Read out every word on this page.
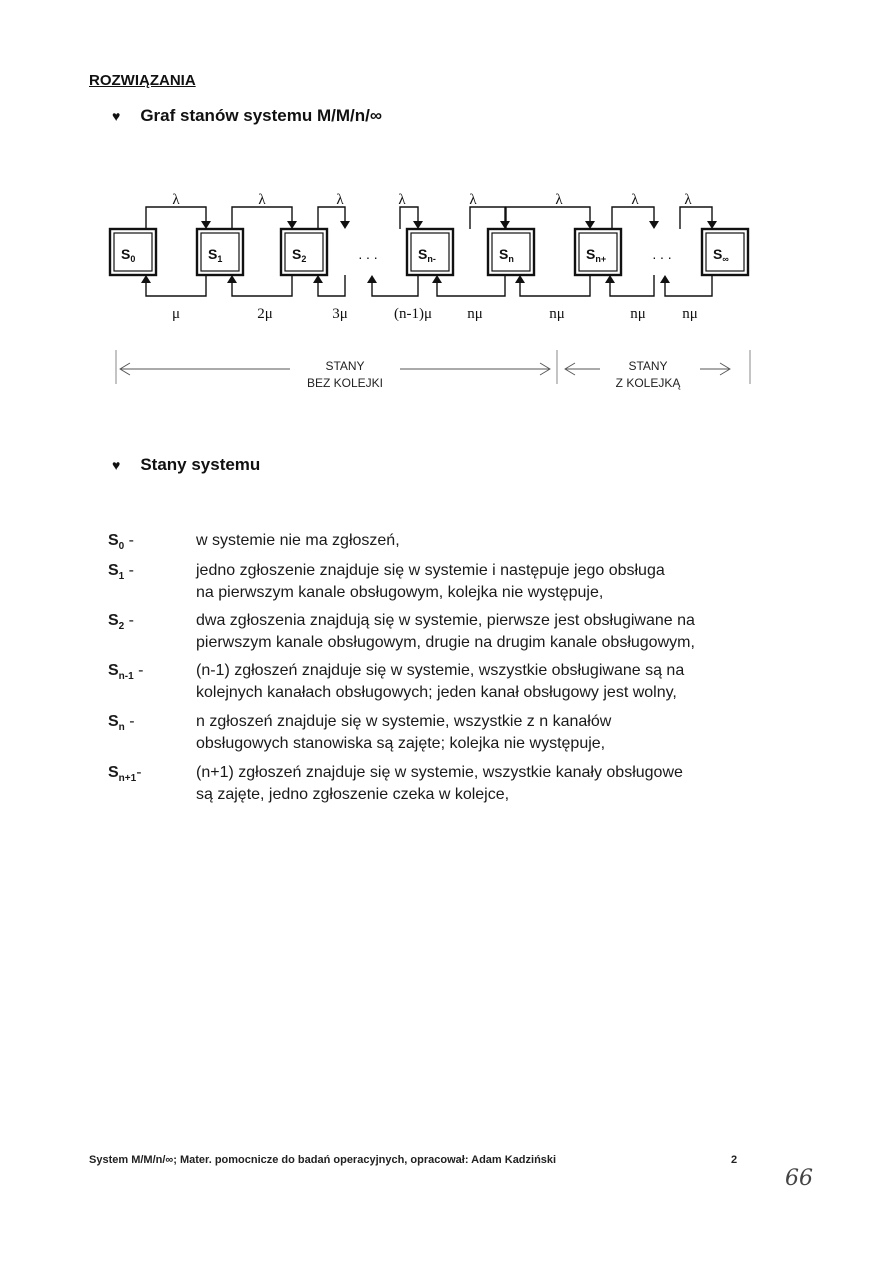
ROZWIĄZANIA
♥ Graf stanów systemu M/M/n/∞
$S_0$	$S_1$	$S_2$	$S_{n-}$	$S_n$	$S_{n+}$	$S_\infty$
···	···
λ	λ	λ	λ	λ	λ	λ	λ
μ	2μ	3μ	(n-1)μ nμ	nμ	nμ nμ
STANY
BEZ KOLEJKI
STANY
Z KOLEJKĄ
♥ Stany systemu
$S_0$ -	w systemie nie ma zgłoszeń,
$S_1$ -	jedno zgłoszenie znajduje się w systemie i następuje jego obsługa
na pierwszym kanale obsługowym, kolejka nie występuje,
$S_2$ -	dwa zgłoszenia znajdują się w systemie, pierwsze jest obsługiwane na
pierwszym kanale obsługowym, drugie na drugim kanale obsługowym,
$S_{n-1}$ -	(n-1) zgłoszeń znajduje się w systemie, wszystkie obsługiwane są na
kolejnych kanałach obsługowych; jeden kanał obsługowy jest wolny,
$S_n$ -	n zgłoszeń znajduje się w systemie, wszystkie z n kanałów
obsługowych stanowiska są zajęte; kolejka nie występuje,
$S_{n+1}-$	(n+1) zgłoszeń znajduje się w systemie, wszystkie kanały obsługowe
są zajęte, jedno zgłoszenie czeka w kolejce,
System M/M/n/∞; Mater. pomocnicze do badań operacyjnych, opracował: Adam Kadziński	2
66
